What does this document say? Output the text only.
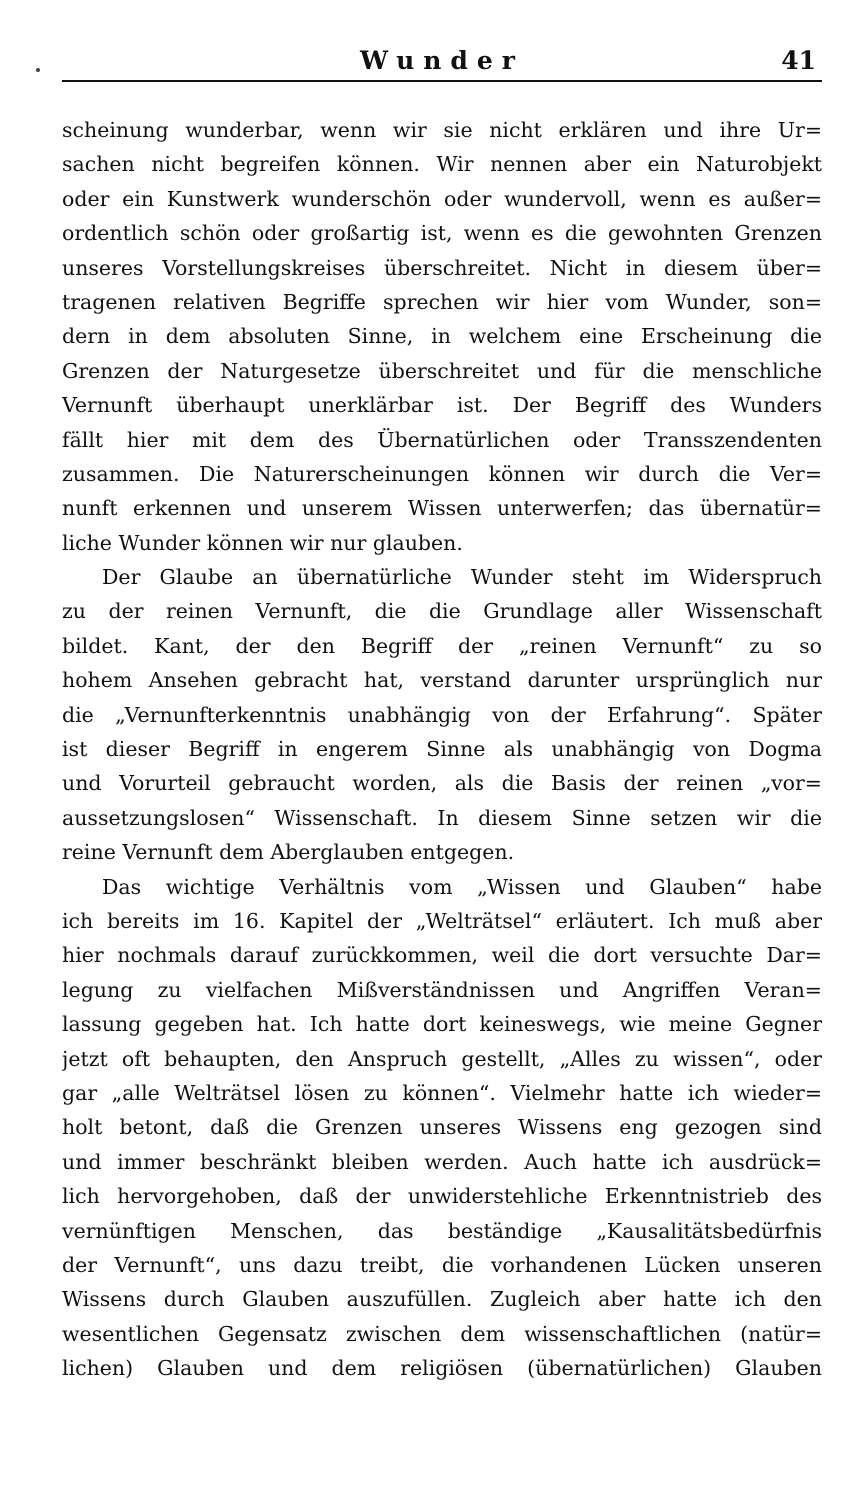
Wunder	41
scheinung wunderbar, wenn wir sie nicht erklären und ihre Ur=
sachen nicht begreifen können. Wir nennen aber ein Naturobjekt
oder ein Kunstwerk wunderschön oder wundervoll, wenn es außer=
ordentlich schön oder großartig ist, wenn es die gewohnten Grenzen
unseres Vorstellungskreises überschreitet. Nicht in diesem über=
tragenen relativen Begriffe sprechen wir hier vom Wunder, son=
dern in dem absoluten Sinne, in welchem eine Erscheinung die
Grenzen der Naturgesetze überschreitet und für die menschliche
Vernunft überhaupt unerklärbar ist. Der Begriff des Wunders
fällt hier mit dem des Übernatürlichen oder Transszendenten
zusammen. Die Naturerscheinungen können wir durch die Ver=
nunft erkennen und unserem Wissen unterwerfen; das übernatür=
liche Wunder können wir nur glauben.
Der Glaube an übernatürliche Wunder steht im Widerspruch
zu der reinen Vernunft, die die Grundlage aller Wissenschaft
bildet. Kant, der den Begriff der „reinen Vernunft“ zu so
hohem Ansehen gebracht hat, verstand darunter ursprünglich nur
die „Vernunfterkenntnis unabhängig von der Erfahrung“. Später
ist dieser Begriff in engerem Sinne als unabhängig von Dogma
und Vorurteil gebraucht worden, als die Basis der reinen „vor=
aussetzungslosen“ Wissenschaft. In diesem Sinne setzen wir die
reine Vernunft dem Aberglauben entgegen.
Das wichtige Verhältnis vom „Wissen und Glauben“ habe
ich bereits im 16. Kapitel der „Welträtsel“ erläutert. Ich muß aber
hier nochmals darauf zurückkommen, weil die dort versuchte Dar=
legung zu vielfachen Mißverständnissen und Angriffen Veran=
lassung gegeben hat. Ich hatte dort keineswegs, wie meine Gegner
jetzt oft behaupten, den Anspruch gestellt, „Alles zu wissen“, oder
gar „alle Welträtsel lösen zu können“. Vielmehr hatte ich wieder=
holt betont, daß die Grenzen unseres Wissens eng gezogen sind
und immer beschränkt bleiben werden. Auch hatte ich ausdrück=
lich hervorgehoben, daß der unwiderstehliche Erkenntnistrieb des
vernünftigen Menschen, das beständige „Kausalitätsbedürfnis
der Vernunft“, uns dazu treibt, die vorhandenen Lücken unseren
Wissens durch Glauben auszufüllen. Zugleich aber hatte ich den
wesentlichen Gegensatz zwischen dem wissenschaftlichen (natür=
lichen) Glauben und dem religiösen (übernatürlichen) Glauben
